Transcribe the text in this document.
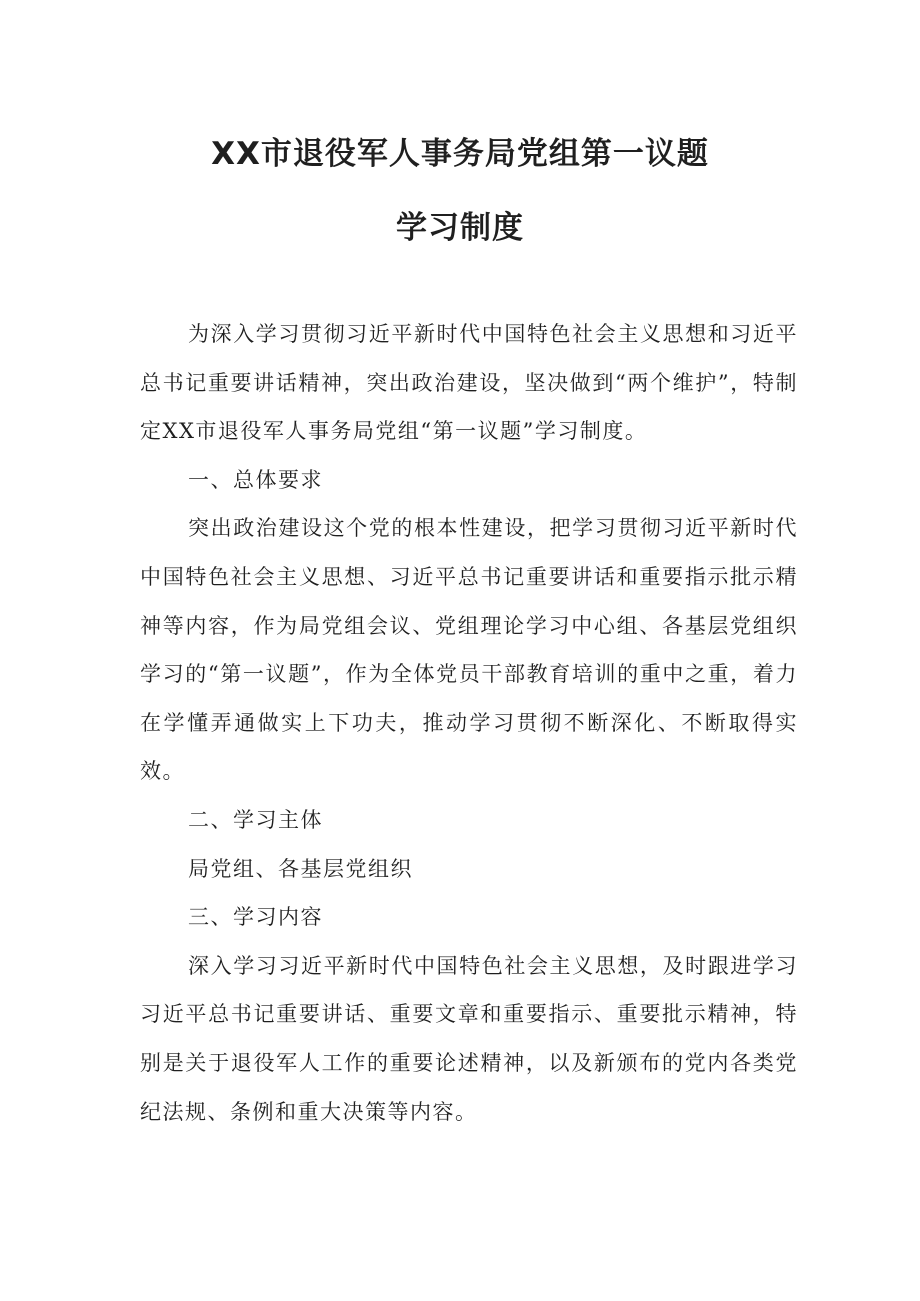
XX市退役军人事务局党组第一议题
学习制度

为深入学习贯彻习近平新时代中国特色社会主义思想和习近平总书记重要讲话精神，突出政治建设，坚决做到“两个维护”，特制定XX市退役军人事务局党组“第一议题”学习制度。

一、总体要求

突出政治建设这个党的根本性建设，把学习贯彻习近平新时代中国特色社会主义思想、习近平总书记重要讲话和重要指示批示精神等内容，作为局党组会议、党组理论学习中心组、各基层党组织学习的“第一议题”，作为全体党员干部教育培训的重中之重，着力在学懂弄通做实上下功夫，推动学习贯彻不断深化、不断取得实效。

二、学习主体

局党组、各基层党组织

三、学习内容

深入学习习近平新时代中国特色社会主义思想，及时跟进学习习近平总书记重要讲话、重要文章和重要指示、重要批示精神，特别是关于退役军人工作的重要论述精神，以及新颁布的党内各类党纪法规、条例和重大决策等内容。
